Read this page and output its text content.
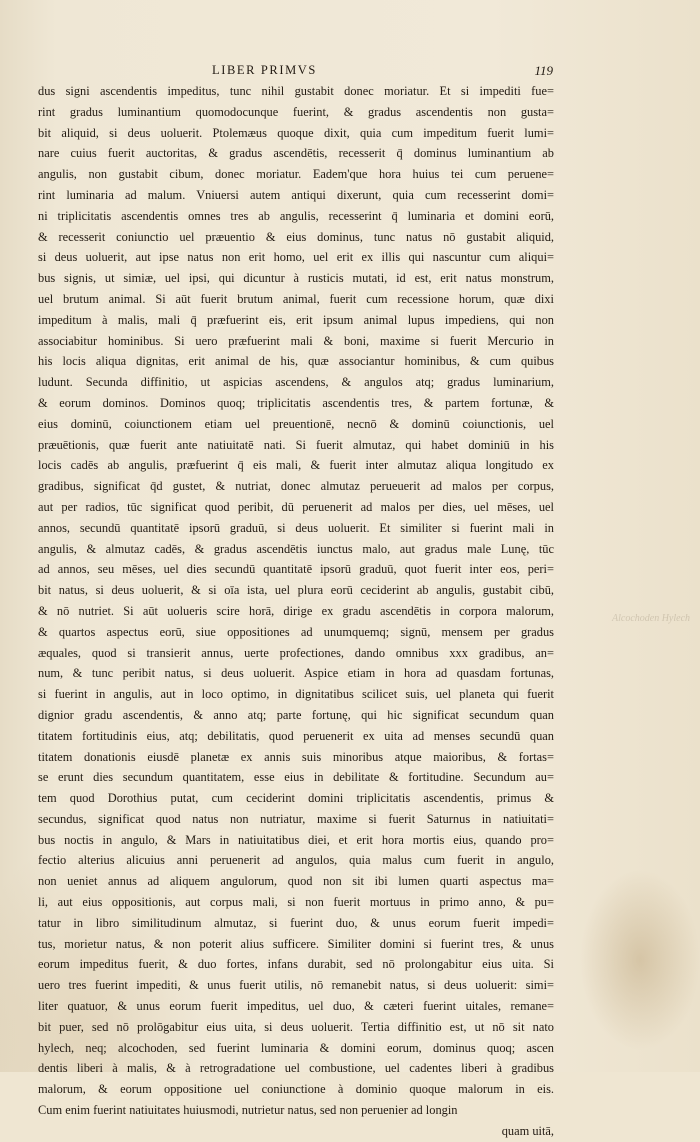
LIBER PRIMVS	119
dus signi ascendentis impeditus, tunc nihil gustabit donec moriatur. Et si impediti fue=
rint gradus luminantium quomodocunque fuerint, & gradus ascendentis non gusta=
bit aliquid, si deus uoluerit. Ptolemæus quoque dixit, quia cum impeditum fuerit lumi=
nare cuius fuerit auctoritas, & gradus ascendētis, recesserit q̄ dominus luminantium ab
angulis, non gustabit cibum, donec moriatur. Eadem'que hora huius tei cum peruene=
rint luminaria ad malum. Vniuersi autem antiqui dixerunt, quia cum recesserint domi=
ni triplicitatis ascendentis omnes tres ab angulis, recesserint q̄ luminaria et domini eorū,
& recesserit coniunctio uel præuentio & eius dominus, tunc natus nō gustabit aliquid,
si deus uoluerit, aut ipse natus non erit homo, uel erit ex illis qui nascuntur cum aliqui=
bus signis, ut simiæ, uel ipsi, qui dicuntur à rusticis mutati, id est, erit natus monstrum,
uel brutum animal. Si aūt fuerit brutum animal, fuerit cum recessione horum, quæ dixi
impeditum à malis, mali q̄ præfuerint eis, erit ipsum animal lupus impediens, qui non
associabitur hominibus. Si uero præfuerint mali & boni, maxime si fuerit Mercurio in
his locis aliqua dignitas, erit animal de his, quæ associantur hominibus, & cum quibus
ludunt. Secunda diffinitio, ut aspicias ascendens, & angulos atq; gradus luminarium,
& eorum dominos. Dominos quoq; triplicitatis ascendentis tres, & partem fortunæ, &
eius dominū, coiunctionem etiam uel preuentionē, necnō & dominū coiunctionis, uel
præuētionis, quæ fuerit ante natiuitatē nati. Si fuerit almutaz, qui habet dominiū in his
locis cadēs ab angulis, præfuerint q̄ eis mali, & fuerit inter almutaz aliqua longitudo ex
gradibus, significat q̄d gustet, & nutriat, donec almutaz perueuerit ad malos per corpus,
aut per radios, tūc significat quod peribit, dū peruenerit ad malos per dies, uel mēses, uel
annos, secundū quantitatē ipsorū graduū, si deus uoluerit. Et similiter si fuerint mali in
angulis, & almutaz cadēs, & gradus ascendētis iunctus malo, aut gradus male Lunę, tūc
ad annos, seu mēses, uel dies secundū quantitatē ipsorū graduū, quot fuerit inter eos, peri=
bit natus, si deus uoluerit, & si oīa ista, uel plura eorū ceciderint ab angulis, gustabit cibū,
& nō nutriet. Si aūt uolueris scire horā, dirige ex gradu ascendētis in corpora malorum,
& quartos aspectus eorū, siue oppositiones ad unumquemq; signū, mensem per gradus
æquales, quod si transierit annus, uerte profectiones, dando omnibus xxx gradibus, an=
num, & tunc peribit natus, si deus uoluerit. Aspice etiam in hora ad quasdam fortunas,
si fuerint in angulis, aut in loco optimo, in dignitatibus scilicet suis, uel planeta qui fuerit
dignior gradu ascendentis, & anno atq; parte fortunę, qui hic significat secundum quan
titatem fortitudinis eius, atq; debilitatis, quod peruenerit ex uita ad menses secundū quan
titatem donationis eiusdē planetæ ex annis suis minoribus atque maioribus, & fortas=
se erunt dies secundum quantitatem, esse eius in debilitate & fortitudine. Secundum au=
tem quod Dorothius putat, cum ceciderint domini triplicitatis ascendentis, primus &
secundus, significat quod natus non nutriatur, maxime si fuerit Saturnus in natiuitati=
bus noctis in angulo, & Mars in natiuitatibus diei, et erit hora mortis eius, quando pro=
fectio alterius alicuius anni peruenerit ad angulos, quia malus cum fuerit in angulo,
non ueniet annus ad aliquem angulorum, quod non sit ibi lumen quarti aspectus ma=
li, aut eius oppositionis, aut corpus mali, si non fuerit mortuus in primo anno, & pu=
tatur in libro similitudinum almutaz, si fuerint duo, & unus eorum fuerit impedi=
tus, morietur natus, & non poterit alius sufficere. Similiter domini si fuerint tres, & unus
eorum impeditus fuerit, & duo fortes, infans durabit, sed nō prolongabitur eius uita. Si
uero tres fuerint impediti, & unus fuerit utilis, nō remanebit natus, si deus uoluerit: simi=
liter quatuor, & unus eorum fuerit impeditus, uel duo, & cæteri fuerint uitales, remane=
bit puer, sed nō prolōgabitur eius uita, si deus uoluerit. Tertia diffinitio est, ut nō sit nato
hylech, neq; alcochoden, sed fuerint luminaria & domini eorum, dominus quoq; ascen
dentis liberi à malis, & à retrogradatione uel combustione, uel cadentes liberi à gradibus
malorum, & eorum oppositione uel coniunctione à dominio quoque malorum in eis.
Cum enim fuerint natiuitates huiusmodi, nutrietur natus, sed non peruenier ad longin
quam uitā,
Alcochoden Hylech
